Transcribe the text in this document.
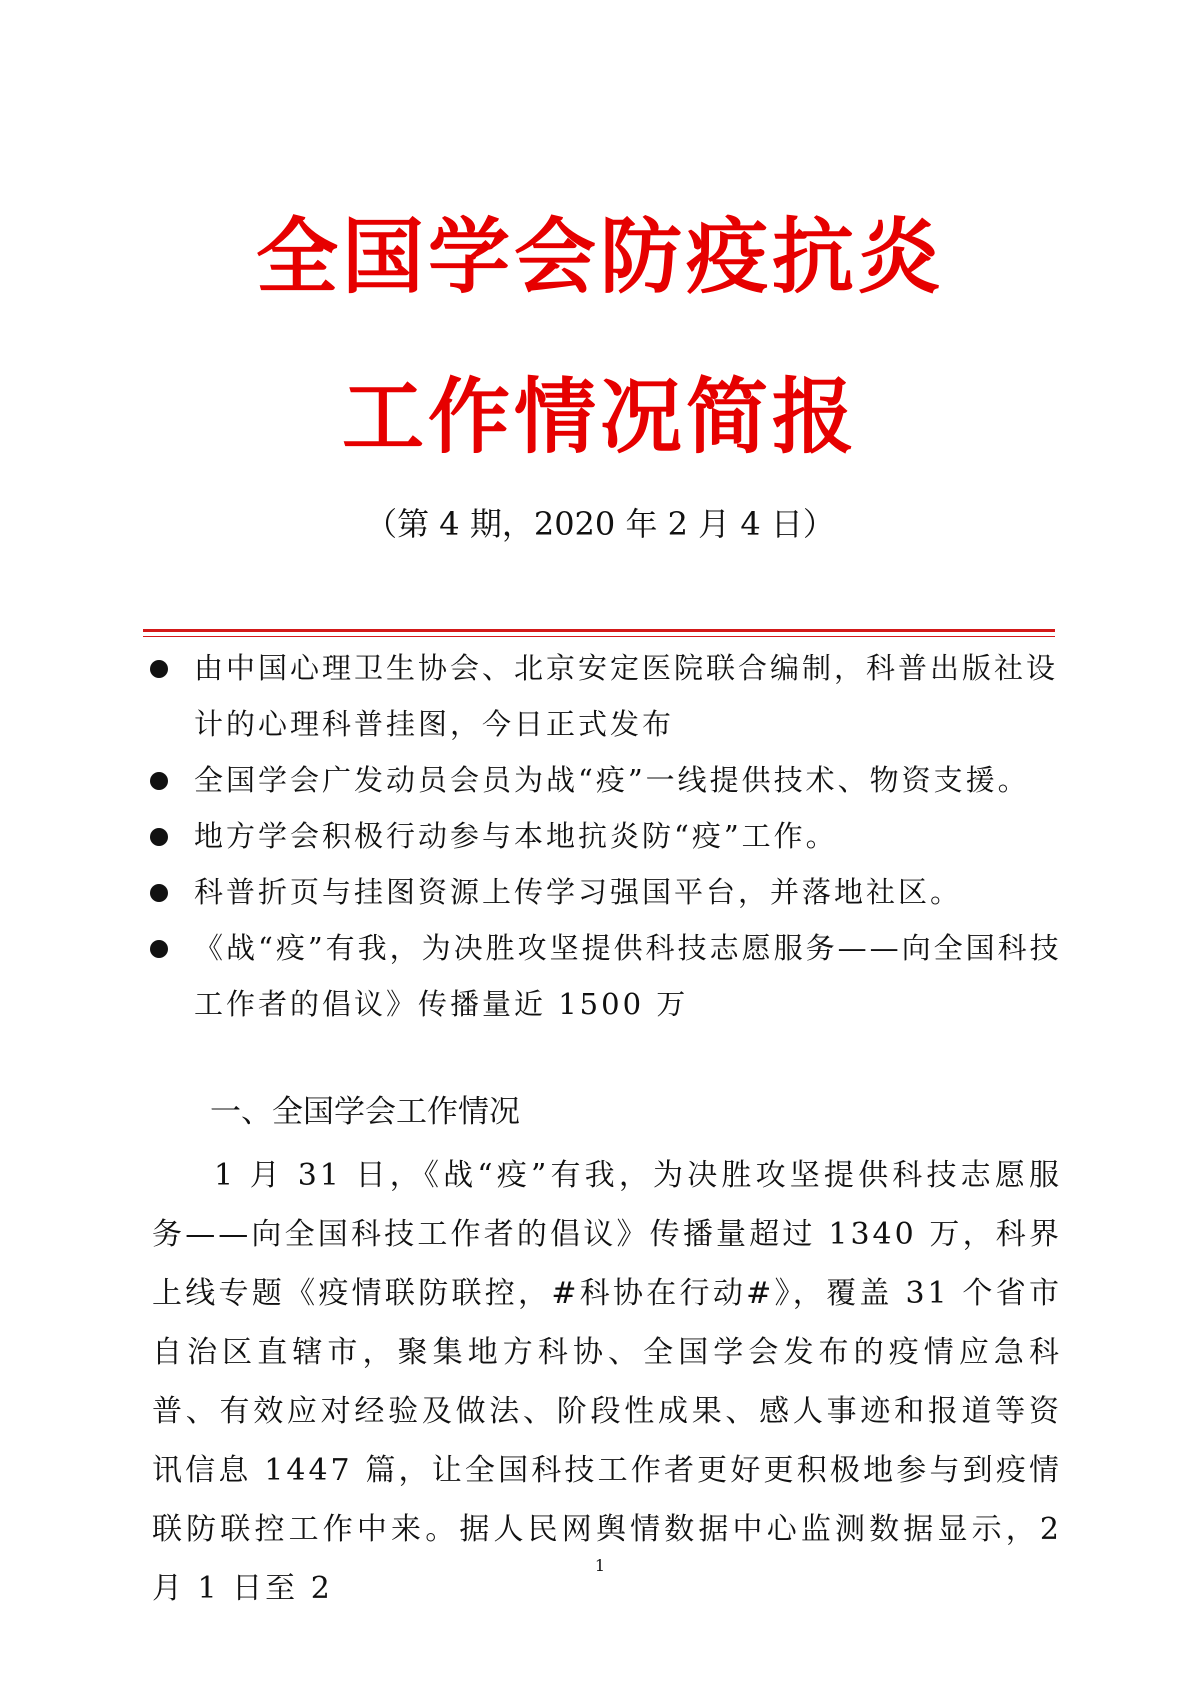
全国学会防疫抗炎
工作情况简报
（第 4 期，2020 年 2 月 4 日）

由中国心理卫生协会、北京安定医院联合编制，科普出版社设计的心理科普挂图，今日正式发布

全国学会广发动员会员为战“疫”一线提供技术、物资支援。

地方学会积极行动参与本地抗炎防“疫”工作。

科普折页与挂图资源上传学习强国平台，并落地社区。

《战“疫”有我，为决胜攻坚提供科技志愿服务——向全国科技工作者的倡议》传播量近 1500 万

一、全国学会工作情况

1 月 31 日，《战“疫”有我，为决胜攻坚提供科技志愿服务——向全国科技工作者的倡议》传播量超过 1340 万，科界上线专题《疫情联防联控，#科协在行动#》，覆盖 31 个省市自治区直辖市，聚集地方科协、全国学会发布的疫情应急科普、有效应对经验及做法、阶段性成果、感人事迹和报道等资讯信息 1447 篇，让全国科技工作者更好更积极地参与到疫情联防联控工作中来。据人民网舆情数据中心监测数据显示，2 月 1 日至 2

1
